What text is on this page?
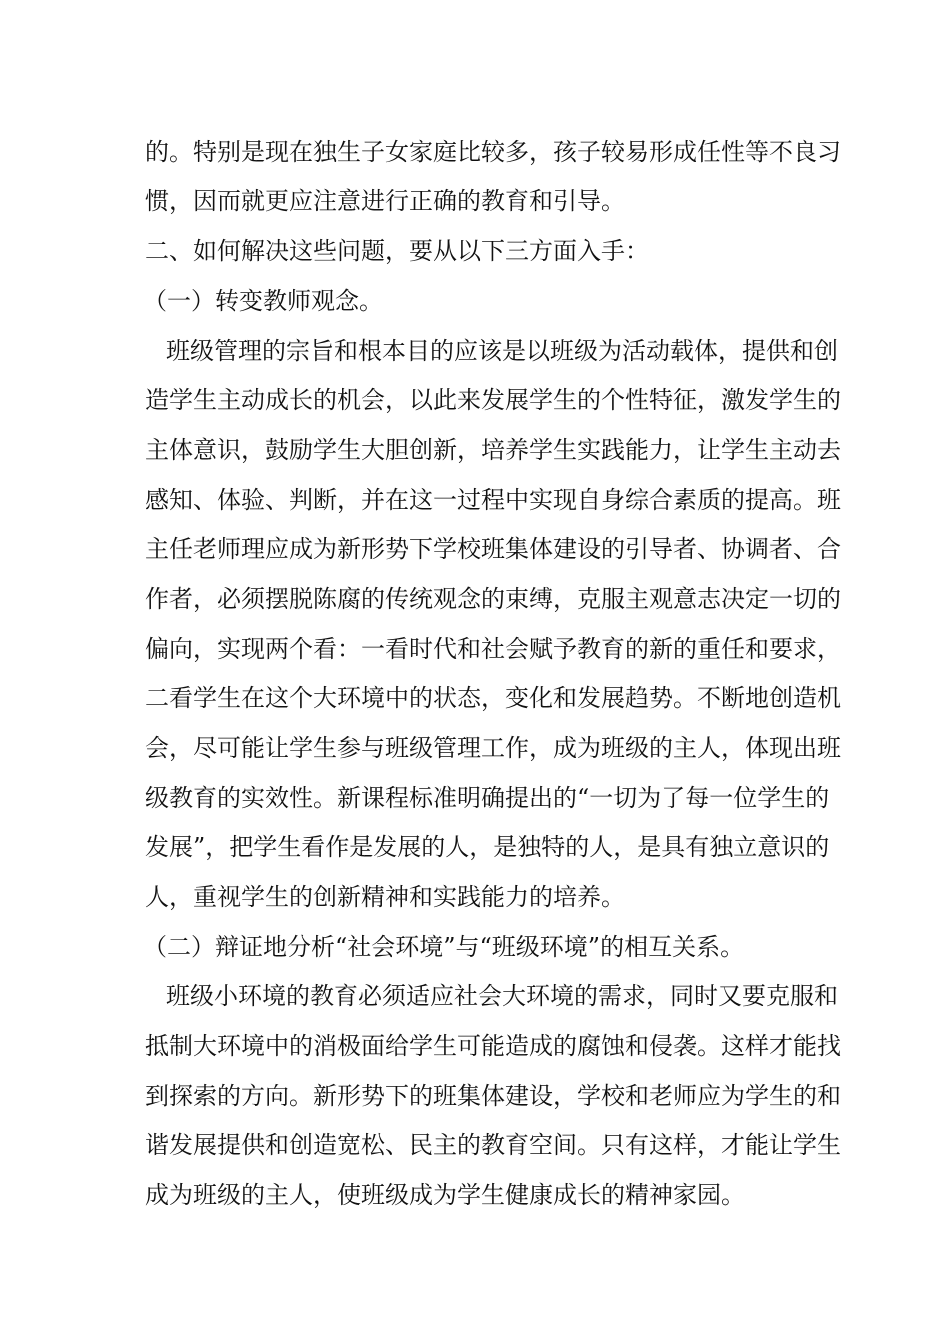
的。特别是现在独生子女家庭比较多，孩子较易形成任性等不良习

惯，因而就更应注意进行正确的教育和引导。

二、如何解决这些问题，要从以下三方面入手：

（一）转变教师观念。

班级管理的宗旨和根本目的应该是以班级为活动载体，提供和创

造学生主动成长的机会，以此来发展学生的个性特征，激发学生的

主体意识，鼓励学生大胆创新，培养学生实践能力，让学生主动去

感知、体验、判断，并在这一过程中实现自身综合素质的提高。班

主任老师理应成为新形势下学校班集体建设的引导者、协调者、合

作者，必须摆脱陈腐的传统观念的束缚，克服主观意志决定一切的

偏向，实现两个看：一看时代和社会赋予教育的新的重任和要求，

二看学生在这个大环境中的状态，变化和发展趋势。不断地创造机

会，尽可能让学生参与班级管理工作，成为班级的主人，体现出班

级教育的实效性。新课程标准明确提出的“一切为了每一位学生的

发展”，把学生看作是发展的人，是独特的人，是具有独立意识的

人，重视学生的创新精神和实践能力的培养。

（二）辩证地分析“社会环境”与“班级环境”的相互关系。

班级小环境的教育必须适应社会大环境的需求，同时又要克服和

抵制大环境中的消极面给学生可能造成的腐蚀和侵袭。这样才能找

到探索的方向。新形势下的班集体建设，学校和老师应为学生的和

谐发展提供和创造宽松、民主的教育空间。只有这样，才能让学生

成为班级的主人，使班级成为学生健康成长的精神家园。
